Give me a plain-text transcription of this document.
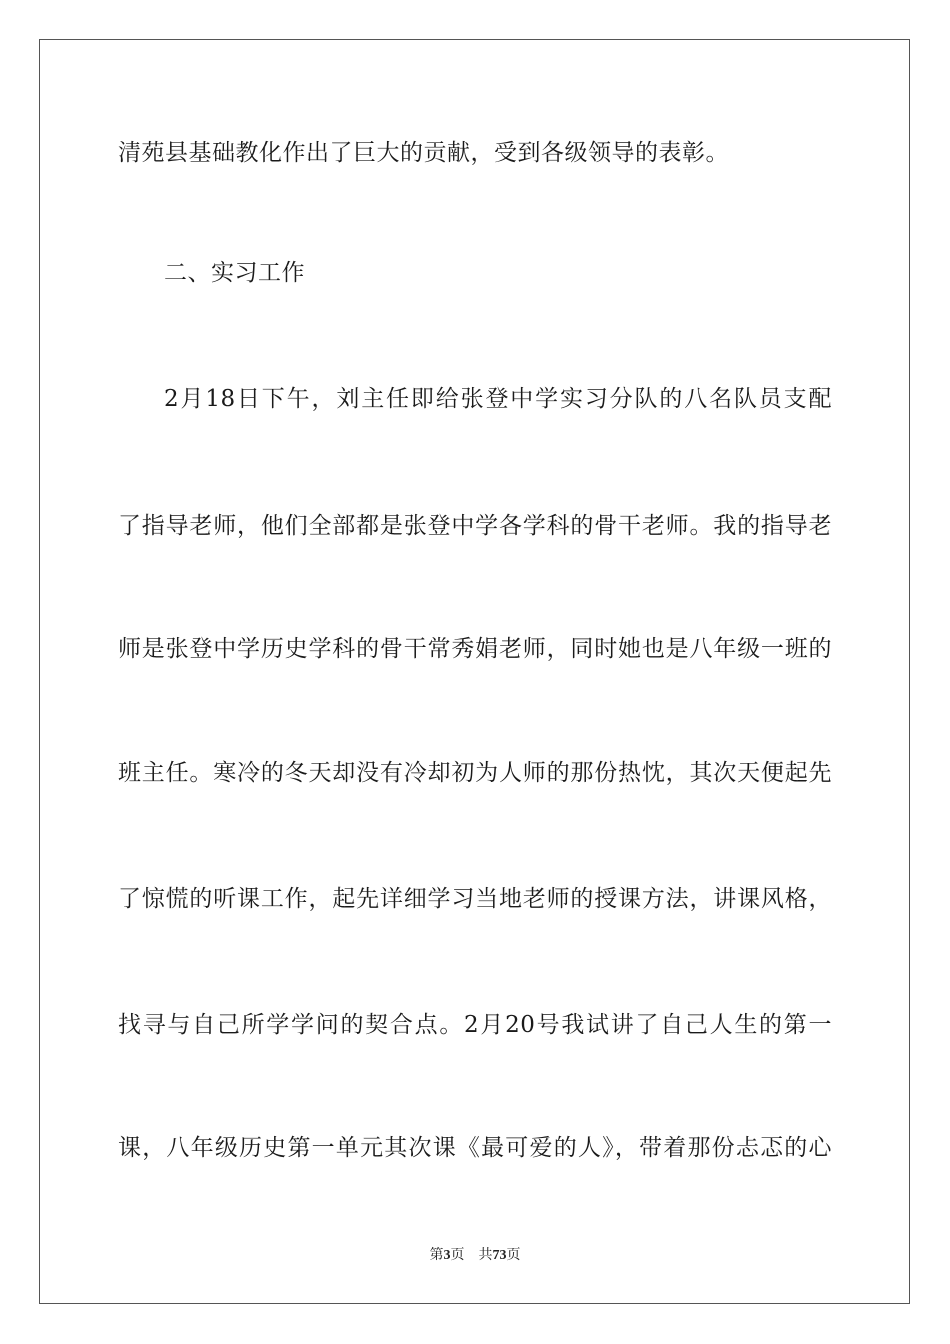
清苑县基础教化作出了巨大的贡献，受到各级领导的表彰。
二、实习工作
2月18日下午，刘主任即给张登中学实习分队的八名队员支配
了指导老师，他们全部都是张登中学各学科的骨干老师。我的指导老
师是张登中学历史学科的骨干常秀娟老师，同时她也是八年级一班的
班主任。寒冷的冬天却没有冷却初为人师的那份热忱，其次天便起先
了惊慌的听课工作，起先详细学习当地老师的授课方法，讲课风格，
找寻与自己所学学问的契合点。2月20号我试讲了自己人生的第一
课，八年级历史第一单元其次课《最可爱的人》，带着那份忐忑的心
第3页 共73页
